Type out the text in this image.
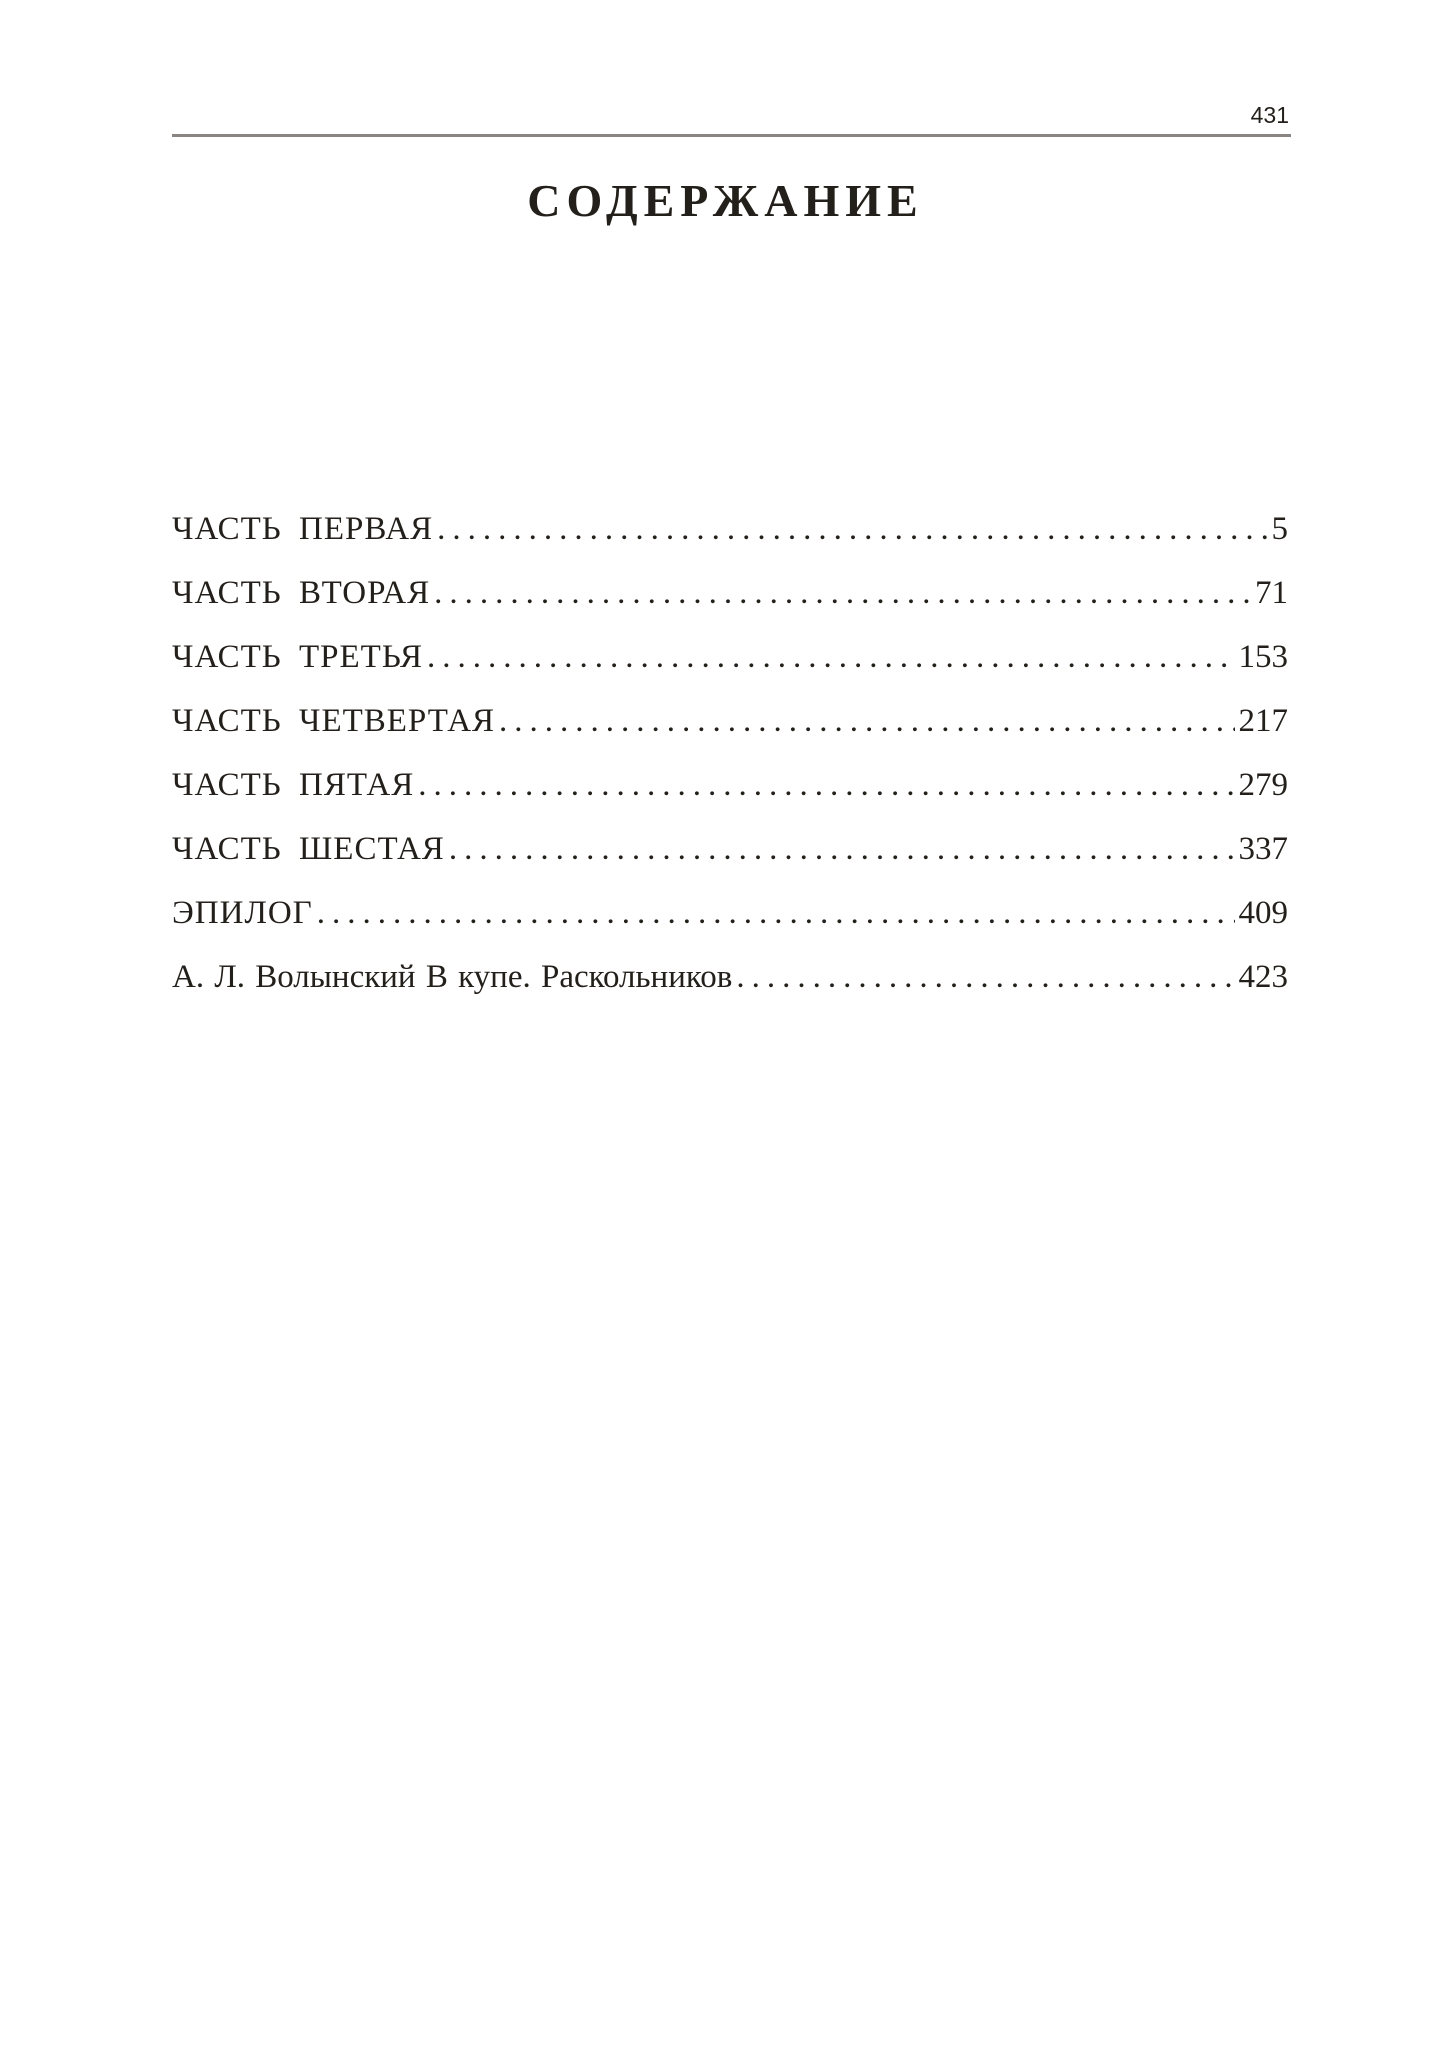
431
СОДЕРЖАНИЕ
ЧАСТЬ ПЕРВАЯ .....	5
ЧАСТЬ ВТОРАЯ .....	71
ЧАСТЬ ТРЕТЬЯ .....	153
ЧАСТЬ ЧЕТВЕРТАЯ .....	217
ЧАСТЬ ПЯТАЯ .....	279
ЧАСТЬ ШЕСТАЯ .....	337
ЭПИЛОГ .....	409
А. Л. Волынский В купе. Раскольников .....	423
